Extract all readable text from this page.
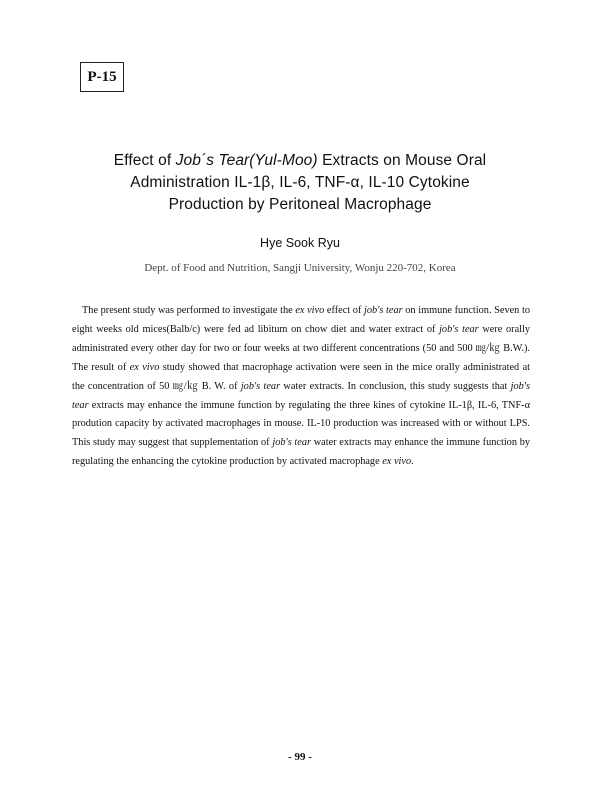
P-15
Effect of Job´s Tear(Yul-Moo) Extracts on Mouse Oral
Administration IL-1β, IL-6, TNF-α, IL-10 Cytokine
Production by Peritoneal Macrophage
Hye Sook Ryu
Dept. of Food and Nutrition, Sangji University, Wonju 220-702, Korea

The present study was performed to investigate the ex vivo effect of job's tear on immune function. Seven to eight weeks old mices(Balb/c) were fed ad libitum on chow diet and water extract of job's tear were orally administrated every other day for two or four weeks at two different concentrations (50 and 500 ㎎/㎏ B.W.). The result of ex vivo study showed that macrophage activation were seen in the mice orally administrated at the concentration of 50 ㎎/㎏ B. W. of job's tear water extracts. In conclusion, this study suggests that job's tear extracts may enhance the immune function by regulating the three kines of cytokine IL-1β, IL-6, TNF-α prodution capacity by activated macrophages in mouse. IL-10 production was increased with or without LPS. This study may suggest that supplementation of job's tear water extracts may enhance the immune function by regulating the enhancing the cytokine production by activated macrophage ex vivo.

- 99 -
